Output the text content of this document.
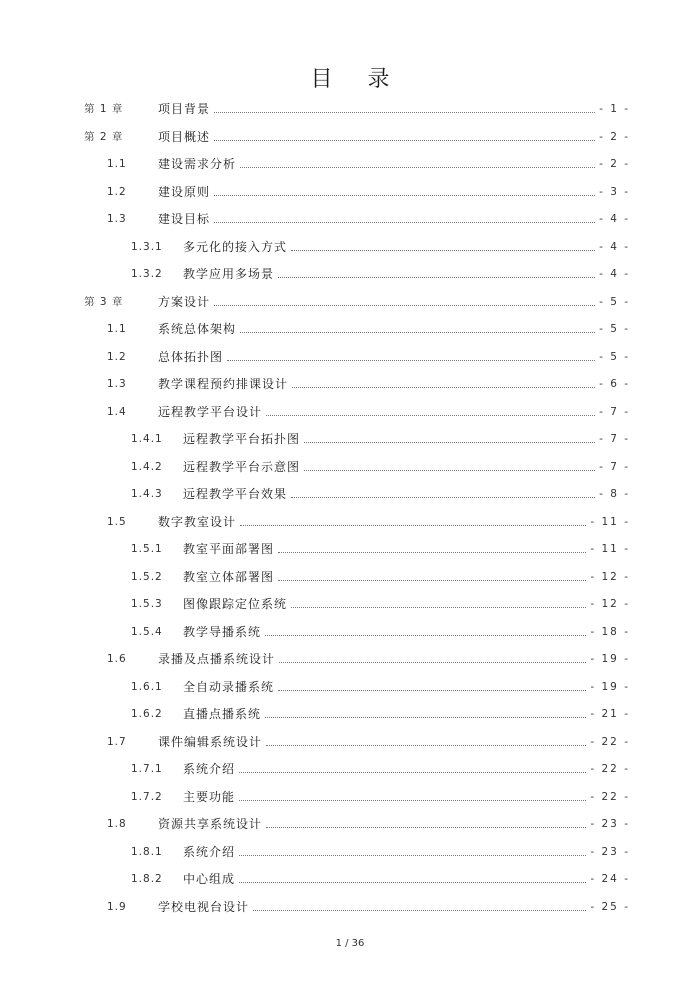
目 录
第 1 章	项目背景	- 1 -
第 2 章	项目概述	- 2 -
1.1	建设需求分析	- 2 -
1.2	建设原则	- 3 -
1.3	建设目标	- 4 -
1.3.1 多元化的接入方式	- 4 -
1.3.2 教学应用多场景	- 4 -
第 3 章	方案设计	- 5 -
1.1	系统总体架构	- 5 -
1.2	总体拓扑图	- 5 -
1.3	教学课程预约排课设计	- 6 -
1.4	远程教学平台设计	- 7 -
1.4.1 远程教学平台拓扑图	- 7 -
1.4.2 远程教学平台示意图	- 7 -
1.4.3 远程教学平台效果	- 8 -
1.5	数字教室设计	- 11 -
1.5.1 教室平面部署图	- 11 -
1.5.2 教室立体部署图	- 12 -
1.5.3 图像跟踪定位系统	- 12 -
1.5.4 教学导播系统	- 18 -
1.6	录播及点播系统设计	- 19 -
1.6.1 全自动录播系统	- 19 -
1.6.2 直播点播系统	- 21 -
1.7	课件编辑系统设计	- 22 -
1.7.1 系统介绍	- 22 -
1.7.2 主要功能	- 22 -
1.8	资源共享系统设计	- 23 -
1.8.1 系统介绍	- 23 -
1.8.2 中心组成	- 24 -
1.9	学校电视台设计	- 25 -
1 / 36
